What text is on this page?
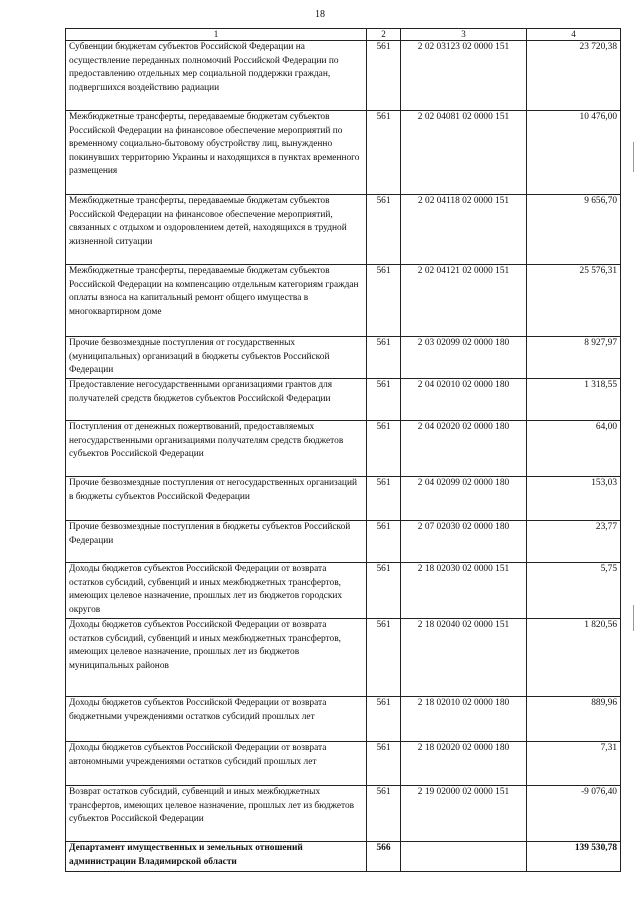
18
1	2	3	4
Субвенции бюджетам субъектов Российской Федерации на осуществление переданных полномочий Российской Федерации по предоставлению отдельных мер социальной поддержки граждан, подвергшихся воздействию радиации	561	2 02 03123 02 0000 151	23 720,38
Межбюджетные трансферты, передаваемые бюджетам субъектов Российской Федерации на финансовое обеспечение мероприятий по временному социально-бытовому обустройству лиц, вынужденно покинувших территорию Украины и находящихся в пунктах временного размещения	561	2 02 04081 02 0000 151	10 476,00
Межбюджетные трансферты, передаваемые бюджетам субъектов Российской Федерации на финансовое обеспечение мероприятий, связанных с отдыхом и оздоровлением детей, находящихся в трудной жизненной ситуации	561	2 02 04118 02 0000 151	9 656,70
Межбюджетные трансферты, передаваемые бюджетам субъектов Российской Федерации на компенсацию отдельным категориям граждан оплаты взноса на капитальный ремонт общего имущества в многоквартирном доме	561	2 02 04121 02 0000 151	25 576,31
Прочие безвозмездные поступления от государственных (муниципальных) организаций в бюджеты субъектов Российской Федерации	561	2 03 02099 02 0000 180	8 927,97
Предоставление негосударственными организациями грантов для получателей средств бюджетов субъектов Российской Федерации	561	2 04 02010 02 0000 180	1 318,55
Поступления от денежных пожертвований, предоставляемых негосударственными организациями получателям средств бюджетов субъектов Российской Федерации	561	2 04 02020 02 0000 180	64,00
Прочие безвозмездные поступления от негосударственных организаций в бюджеты субъектов Российской Федерации	561	2 04 02099 02 0000 180	153,03
Прочие безвозмездные поступления в бюджеты субъектов Российской Федерации	561	2 07 02030 02 0000 180	23,77
Доходы бюджетов субъектов Российской Федерации от возврата остатков субсидий, субвенций и иных межбюджетных трансфертов, имеющих целевое назначение, прошлых лет из бюджетов городских округов	561	2 18 02030 02 0000 151	5,75
Доходы бюджетов субъектов Российской Федерации от возврата остатков субсидий, субвенций и иных межбюджетных трансфертов, имеющих целевое назначение, прошлых лет из бюджетов муниципальных районов	561	2 18 02040 02 0000 151	1 820,56
Доходы бюджетов субъектов Российской Федерации от возврата бюджетными учреждениями остатков субсидий прошлых лет	561	2 18 02010 02 0000 180	889,96
Доходы бюджетов субъектов Российской Федерации от возврата автономными учреждениями остатков субсидий прошлых лет	561	2 18 02020 02 0000 180	7,31
Возврат остатков субсидий, субвенций и иных межбюджетных трансфертов, имеющих целевое назначение, прошлых лет из бюджетов субъектов Российской Федерации	561	2 19 02000 02 0000 151	-9 076,40
Департамент имущественных и земельных отношений администрации Владимирской области	566		139 530,78
